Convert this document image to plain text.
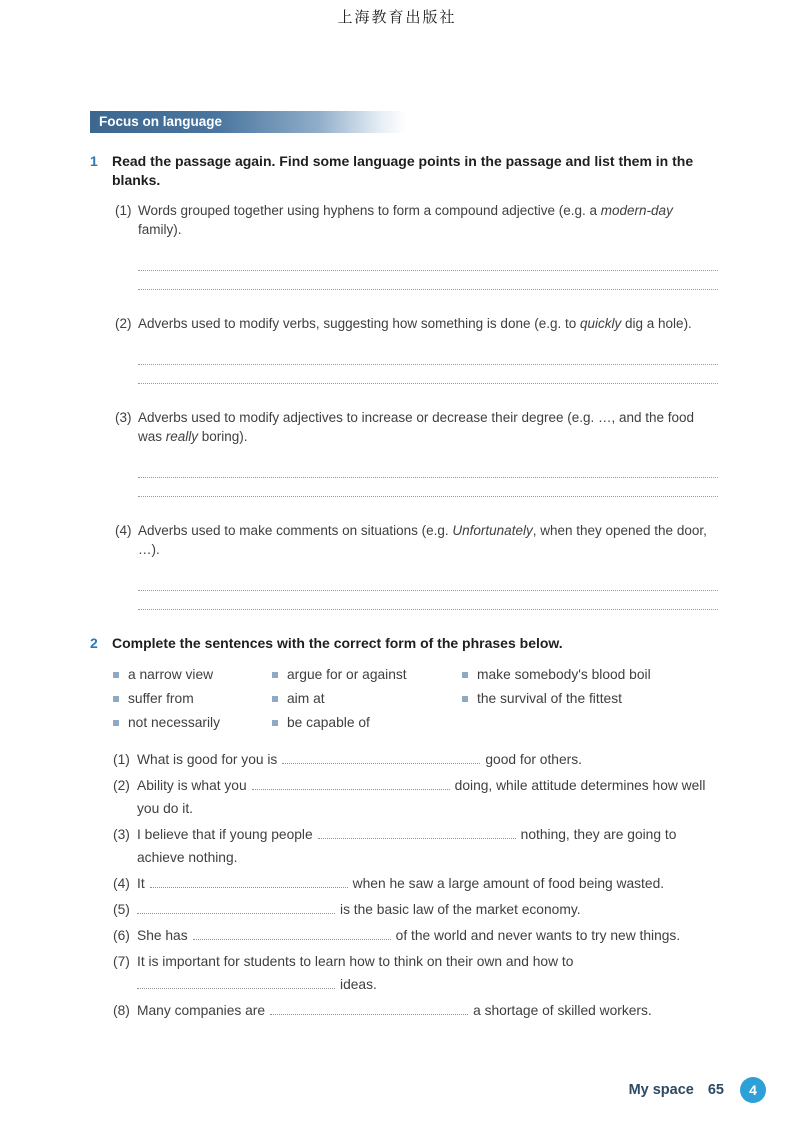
上海教育出版社
Focus on language
1	Read the passage again. Find some language points in the passage and list them in the blanks.
(1) Words grouped together using hyphens to form a compound adjective (e.g. a modern-day family).

(2) Adverbs used to modify verbs, suggesting how something is done (e.g. to quickly dig a hole).

(3) Adverbs used to modify adjectives to increase or decrease their degree (e.g. …, and the food was really boring).

(4) Adverbs used to make comments on situations (e.g. Unfortunately, when they opened the door, …).

2	Complete the sentences with the correct form of the phrases below.
a narrow view	argue for or against	make somebody's blood boil
suffer from	aim at	the survival of the fittest
not necessarily	be capable of
(1) What is good for you is	good for others.

(2) Ability is what you	doing, while attitude determines how well you do it.

(3) I believe that if young people	nothing, they are going to achieve nothing.

(4) It	when he saw a large amount of food being wasted.

(5)	is the basic law of the market economy.

(6) She has	of the world and never wants to try new things.

(7) It is important for students to learn how to think on their own and how to
ideas.

(8) Many companies are	a shortage of skilled workers.

My space 65	4
